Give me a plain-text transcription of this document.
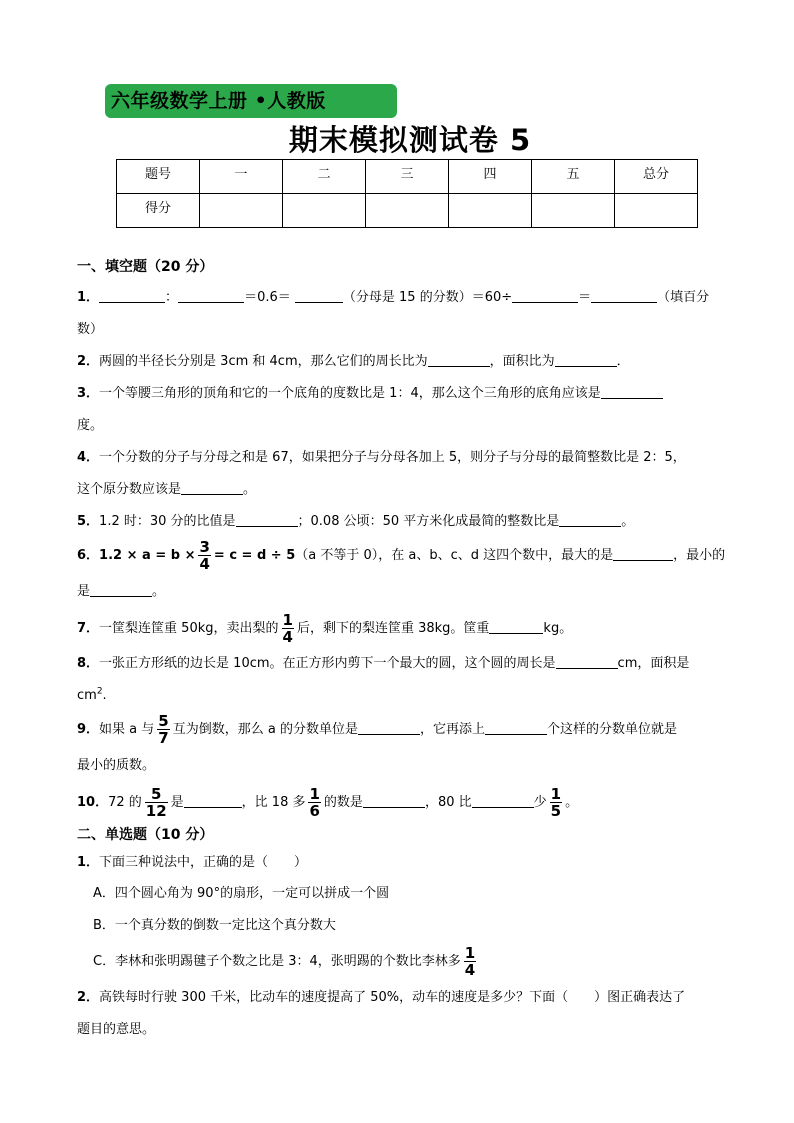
六年级数学上册 •人教版
期末模拟测试卷 5
题号	一	二	三	四	五	总分
得分						

一、填空题（20 分）

1．	：	＝0.6＝	（分母是 15 的分数）＝60÷	＝	（填百分
数）

2．两圆的半径长分别是 3cm 和 4cm，那么它们的周长比为	，面积比为	．

3．一个等腰三角形的顶角和它的一个底角的度数比是 1：4，那么这个三角形的底角应该是
度。

4．一个分数的分子与分母之和是 67，如果把分子与分母各加上 5，则分子与分母的最简整数比是 2：5，
这个原分数应该是	。

5．1.2 时：30 分的比值是	；0.08 公顷：50 平方米化成最简的整数比是	。

6．$1.2 \times a = b \times \frac{3}{4} = c = d \div 5(a$ 不等于 0），在 a、b、c、d 这四个数中，最大的是	，最小的
是	。

7．一筐梨连筐重 50kg，卖出梨的 $\frac{1}{4}$ 后，剩下的梨连筐重 38kg。筐重	kg。

8．一张正方形纸的边长是 10cm。在正方形内剪下一个最大的圆，这个圆的周长是	cm，面积是
$cm^2$.

9．如果 a 与 $\frac{5}{7}$ 互为倒数，那么 a 的分数单位是	，它再添上	个这样的分数单位就是
最小的质数。

10．72 的 $\frac{5}{12}$ 是	，比 18 多 $\frac{1}{6}$ 的数是	，80 比	少 $\frac{1}{5}$ 。

二、单选题（10 分）

1．下面三种说法中，正确的是（　　）

A．四个圆心角为 90°的扇形，一定可以拼成一个圆

B．一个真分数的倒数一定比这个真分数大

C．李林和张明踢毽子个数之比是 3：4，张明踢的个数比李林多 $\frac{1}{4}$

2．高铁每时行驶 300 千米，比动车的速度提高了 50%，动车的速度是多少？下面（　　）图正确表达了
题目的意思。
